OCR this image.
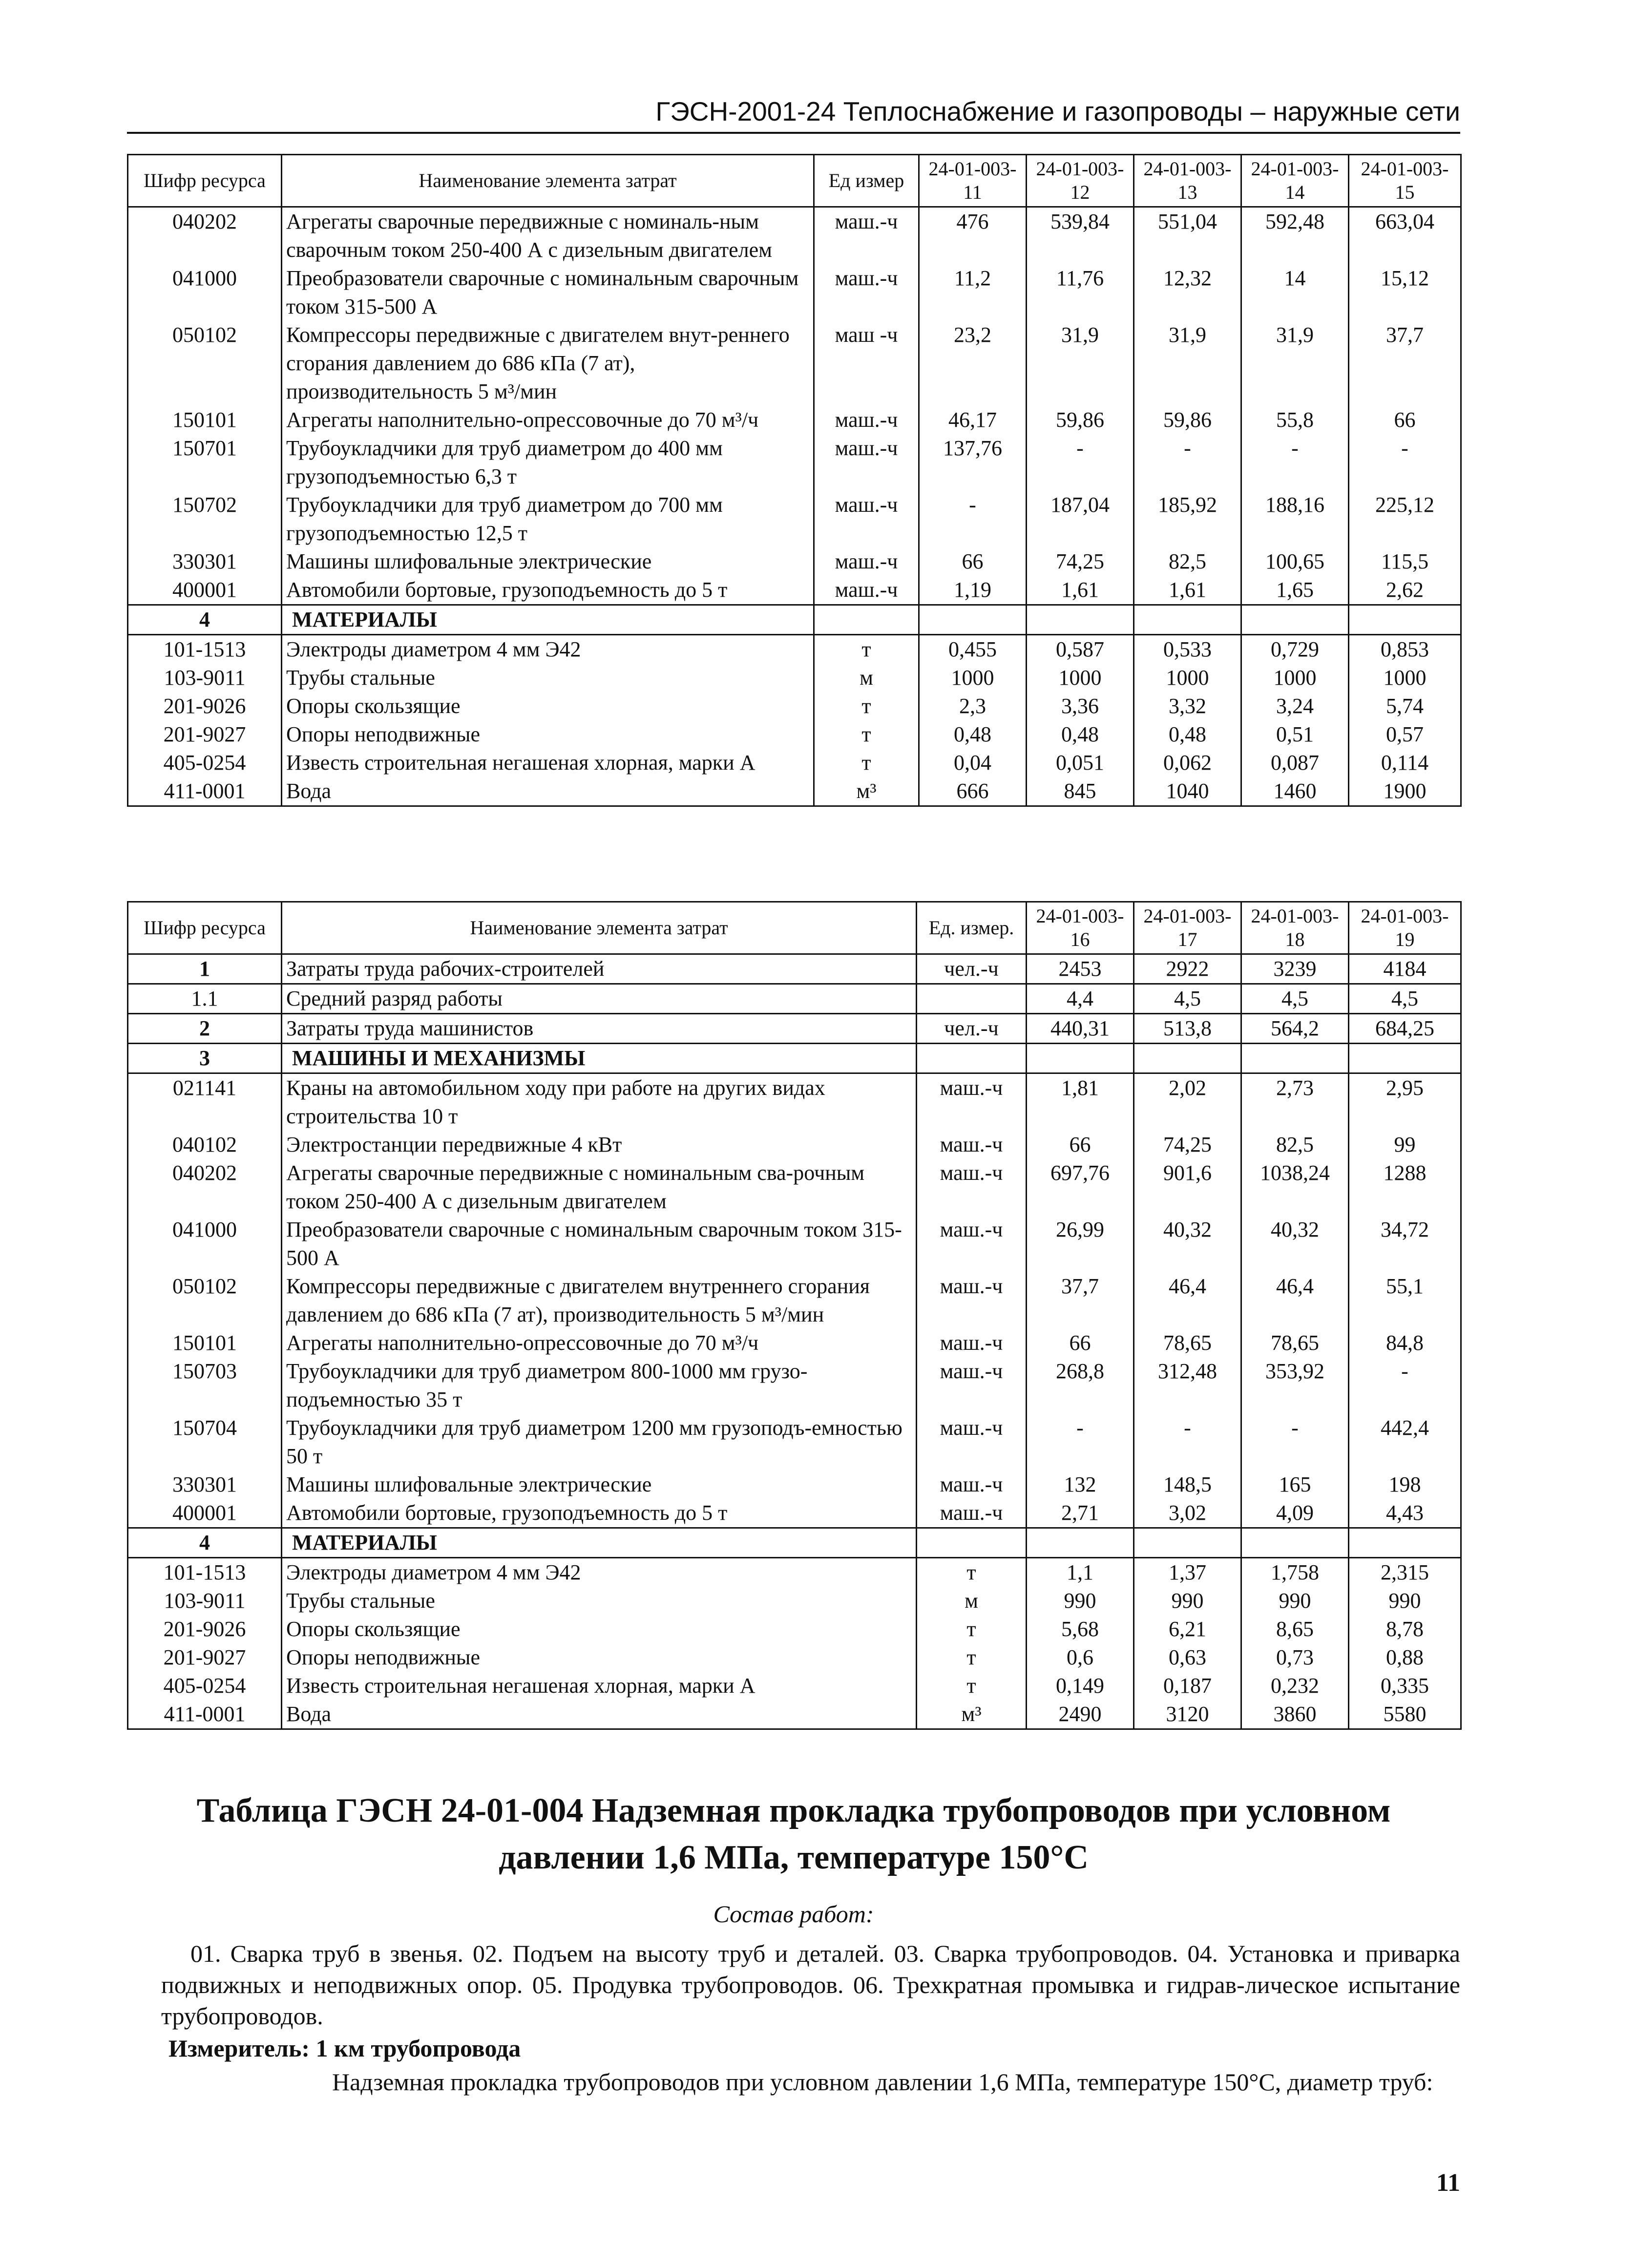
ГЭСН-2001-24 Теплоснабжение и газопроводы – наружные сети
Шифр ресурса	Наименование элемента затрат	Ед измер	24-01-003-11	24-01-003-12	24-01-003-13	24-01-003-14	24-01-003-15
040202	Агрегаты сварочные передвижные с номиналь-ным сварочным током 250-400 А с дизельным двигателем	маш.-ч	476	539,84	551,04	592,48	663,04
041000	Преобразователи сварочные с номинальным сварочным током 315-500 А	маш.-ч	11,2	11,76	12,32	14	15,12
050102	Компрессоры передвижные с двигателем внут-реннего сгорания давлением до 686 кПа (7 ат), производительность 5 м³/мин	маш -ч	23,2	31,9	31,9	31,9	37,7
150101	Агрегаты наполнительно-опрессовочные до 70 м³/ч	маш.-ч	46,17	59,86	59,86	55,8	66
150701	Трубоукладчики для труб диаметром до 400 мм грузоподъемностью 6,3 т	маш.-ч	137,76	-	-	-	-
150702	Трубоукладчики для труб диаметром до 700 мм грузоподъемностью 12,5 т	маш.-ч	-	187,04	185,92	188,16	225,12
330301	Машины шлифовальные электрические	маш.-ч	66	74,25	82,5	100,65	115,5
400001	Автомобили бортовые, грузоподъемность до 5 т	маш.-ч	1,19	1,61	1,61	1,65	2,62
4	МАТЕРИАЛЫ						
101-1513	Электроды диаметром 4 мм Э42	т	0,455	0,587	0,533	0,729	0,853
103-9011	Трубы стальные	м	1000	1000	1000	1000	1000
201-9026	Опоры скользящие	т	2,3	3,36	3,32	3,24	5,74
201-9027	Опоры неподвижные	т	0,48	0,48	0,48	0,51	0,57
405-0254	Известь строительная негашеная хлорная, марки А	т	0,04	0,051	0,062	0,087	0,114
411-0001	Вода	м³	666	845	1040	1460	1900
Шифр ресурса	Наименование элемента затрат	Ед. измер.	24-01-003-16	24-01-003-17	24-01-003-18	24-01-003-19
1	Затраты труда рабочих-строителей	чел.-ч	2453	2922	3239	4184
1.1	Средний разряд работы		4,4	4,5	4,5	4,5
2	Затраты труда машинистов	чел.-ч	440,31	513,8	564,2	684,25
3	МАШИНЫ И МЕХАНИЗМЫ					
021141	Краны на автомобильном ходу при работе на других видах строительства 10 т	маш.-ч	1,81	2,02	2,73	2,95
040102	Электростанции передвижные 4 кВт	маш.-ч	66	74,25	82,5	99
040202	Агрегаты сварочные передвижные с номинальным сва-рочным током 250-400 А с дизельным двигателем	маш.-ч	697,76	901,6	1038,24	1288
041000	Преобразователи сварочные с номинальным сварочным током 315-500 А	маш.-ч	26,99	40,32	40,32	34,72
050102	Компрессоры передвижные с двигателем внутреннего сгорания давлением до 686 кПа (7 ат), производительность 5 м³/мин	маш.-ч	37,7	46,4	46,4	55,1
150101	Агрегаты наполнительно-опрессовочные до 70 м³/ч	маш.-ч	66	78,65	78,65	84,8
150703	Трубоукладчики для труб диаметром 800-1000 мм грузо-подъемностью 35 т	маш.-ч	268,8	312,48	353,92	-
150704	Трубоукладчики для труб диаметром 1200 мм грузоподъ-емностью 50 т	маш.-ч	-	-	-	442,4
330301	Машины шлифовальные электрические	маш.-ч	132	148,5	165	198
400001	Автомобили бортовые, грузоподъемность до 5 т	маш.-ч	2,71	3,02	4,09	4,43
4	МАТЕРИАЛЫ					
101-1513	Электроды диаметром 4 мм Э42	т	1,1	1,37	1,758	2,315
103-9011	Трубы стальные	м	990	990	990	990
201-9026	Опоры скользящие	т	5,68	6,21	8,65	8,78
201-9027	Опоры неподвижные	т	0,6	0,63	0,73	0,88
405-0254	Известь строительная негашеная хлорная, марки А	т	0,149	0,187	0,232	0,335
411-0001	Вода	м³	2490	3120	3860	5580
Таблица ГЭСН 24-01-004 Надземная прокладка трубопроводов при условном давлении 1,6 МПа, температуре 150°С
Состав работ:
01. Сварка труб в звенья. 02. Подъем на высоту труб и деталей. 03. Сварка трубопроводов. 04. Установка и приварка подвижных и неподвижных опор. 05. Продувка трубопроводов. 06. Трехкратная промывка и гидрав-лическое испытание трубопроводов.
Измеритель: 1 км трубопровода
Надземная прокладка трубопроводов при условном давлении 1,6 МПа, температуре 150°С, диаметр труб:
11
